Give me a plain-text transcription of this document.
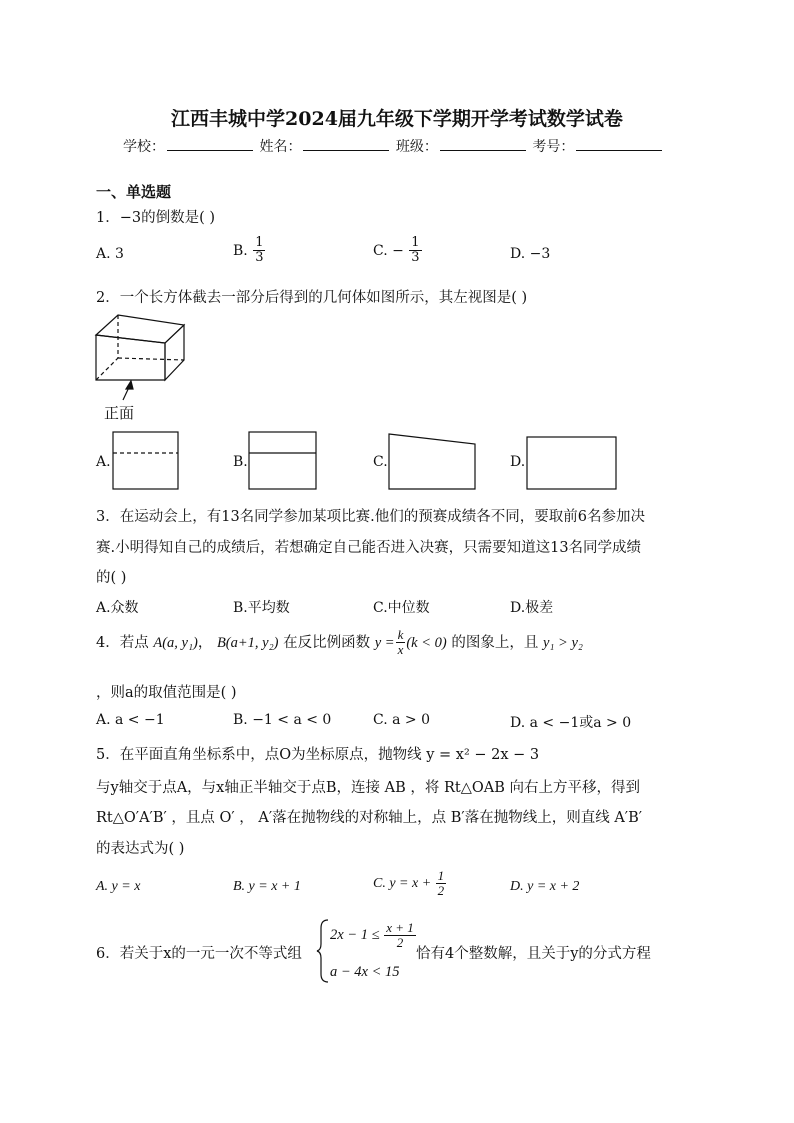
江西丰城中学2024届九年级下学期开学考试数学试卷
学校：	姓名：	班级：	考号：
一、单选题
1．−3的倒数是( )
A. 3	B. $\frac{1}{3}$	C. − $\frac{1}{3}$	D. −3
2．一个长方体截去一部分后得到的几何体如图所示，其左视图是( )
正面
A.	B.	C.	D.
3．在运动会上，有13名同学参加某项比赛.他们的预赛成绩各不同，要取前6名参加决
赛.小明得知自己的成绩后，若想确定自己能否进入决赛，只需要知道这13名同学成绩
的( )
A.众数	B.平均数	C.中位数	D.极差
4．若点 A(a, y₁)， B(a+1, y₂) 在反比例函数 $y = \frac{k}{x} (k < 0)$ 的图象上，且 y₁ > y₂
，则a的取值范围是( )
A. a < −1	B. −1 < a < 0	C. a > 0	D. a < −1或a > 0
5．在平面直角坐标系中，点O为坐标原点，抛物线 y = x² − 2x − 3
与y轴交于点A，与x轴正半轴交于点B，连接 AB ，将 Rt△OAB 向右上方平移，得到
Rt△O′A′B′ ，且点 O′ ， A′落在抛物线的对称轴上，点 B′落在抛物线上，则直线 A′B′
的表达式为( )
A. y = x	B. y = x + 1	C. $y = x + \frac{1}{2}$	D. y = x + 2
6．若关于x的一元一次不等式组
$2x - 1 \le \frac{x + 1}{2}$
a − 4x < 15
恰有4个整数解，且关于y的分式方程
